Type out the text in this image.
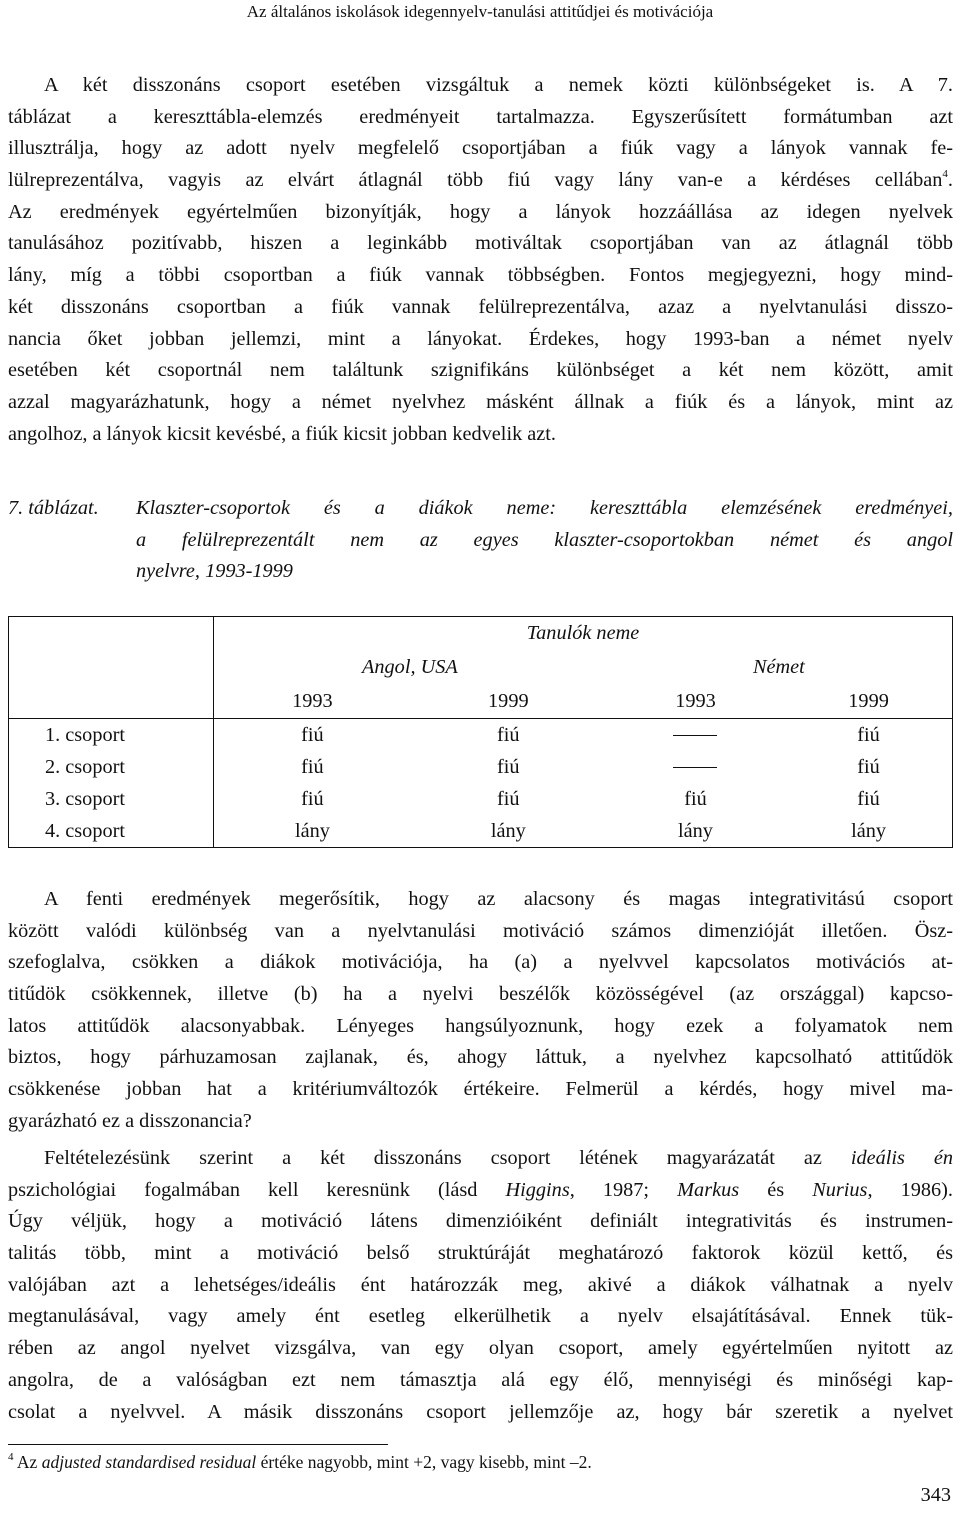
Az általános iskolások idegennyelv-tanulási attitűdjei és motivációja
A két disszonáns csoport esetében vizsgáltuk a nemek közti különbségeket is. A 7.
táblázat a kereszttábla-elemzés eredményeit tartalmazza. Egyszerűsített formátumban azt
illusztrálja, hogy az adott nyelv megfelelő csoportjában a fiúk vagy a lányok vannak fe-
lülreprezentálva, vagyis az elvárt átlagnál több fiú vagy lány van-e a kérdéses cellában$^4$.
Az eredmények egyértelműen bizonyítják, hogy a lányok hozzáállása az idegen nyelvek
tanulásához pozitívabb, hiszen a leginkább motiváltak csoportjában van az átlagnál több
lány, míg a többi csoportban a fiúk vannak többségben. Fontos megjegyezni, hogy mind-
két disszonáns csoportban a fiúk vannak felülreprezentálva, azaz a nyelvtanulási disszo-
nancia őket jobban jellemzi, mint a lányokat. Érdekes, hogy 1993-ban a német nyelv
esetében két csoportnál nem találtunk szignifikáns különbséget a két nem között, amit
azzal magyarázhatunk, hogy a német nyelvhez másként állnak a fiúk és a lányok, mint az
angolhoz, a lányok kicsit kevésbé, a fiúk kicsit jobban kedvelik azt.
7. táblázat. Klaszter-csoportok és a diákok neme: kereszttábla elemzésének eredményei,
a felülreprezentált nem az egyes klaszter-csoportokban német és angol
nyelvre, 1993-1999
	Tanulók neme			
	Angol, USA		Német	
	1993	1999	1993	1999
1. csoport	fiú	fiú		fiú
2. csoport	fiú	fiú		fiú
3. csoport	fiú	fiú	fiú	fiú
4. csoport	lány	lány	lány	lány
A fenti eredmények megerősítik, hogy az alacsony és magas integrativitású csoport
között valódi különbség van a nyelvtanulási motiváció számos dimenzióját illetően. Ösz-
szefoglalva, csökken a diákok motivációja, ha (a) a nyelvvel kapcsolatos motivációs at-
titűdök csökkennek, illetve (b) ha a nyelvi beszélők közösségével (az országgal) kapcso-
latos attitűdök alacsonyabbak. Lényeges hangsúlyoznunk, hogy ezek a folyamatok nem
biztos, hogy párhuzamosan zajlanak, és, ahogy láttuk, a nyelvhez kapcsolható attitűdök
csökkenése jobban hat a kritériumváltozók értékeire. Felmerül a kérdés, hogy mivel ma-
gyarázható ez a disszonancia?
Feltételezésünk szerint a két disszonáns csoport létének magyarázatát az ideális én
pszichológiai fogalmában kell keresnünk (lásd Higgins, 1987; Markus és Nurius, 1986).
Úgy véljük, hogy a motiváció látens dimenzióiként definiált integrativitás és instrumen-
talitás több, mint a motiváció belső struktúráját meghatározó faktorok közül kettő, és
valójában azt a lehetséges/ideális ént határozzák meg, akivé a diákok válhatnak a nyelv
megtanulásával, vagy amely ént esetleg elkerülhetik a nyelv elsajátításával. Ennek tük-
rében az angol nyelvet vizsgálva, van egy olyan csoport, amely egyértelműen nyitott az
angolra, de a valóságban ezt nem támasztja alá egy élő, mennyiségi és minőségi kap-
csolat a nyelvvel. A másik disszonáns csoport jellemzője az, hogy bár szeretik a nyelvet
$^4$ Az adjusted standardised residual értéke nagyobb, mint +2, vagy kisebb, mint –2.
343
